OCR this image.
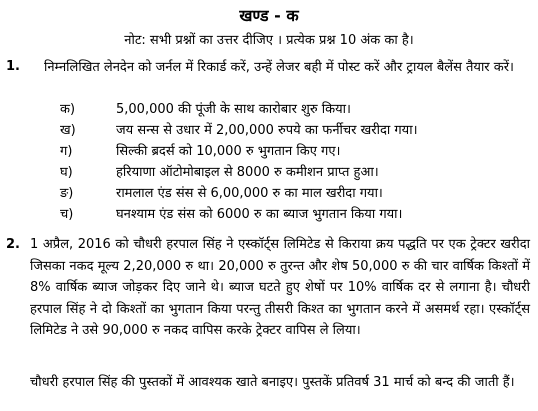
खण्ड - क
नोट: सभी प्रश्नों का उत्तर दीजिए । प्रत्येक प्रश्न 10 अंक का है।
1. निम्नलिखित लेनदेन को जर्नल में रिकार्ड करें, उन्हें लेजर बही में पोस्ट करें और ट्रायल बैलेंस तैयार करें।
क)	5,00,000 की पूंजी के साथ कारोबार शुरु किया।
ख)	जय सन्स से उधार में 2,00,000 रुपये का फर्नीचर खरीदा गया।
ग)	सिल्की ब्रदर्स को 10,000 रु भुगतान किए गए।
घ)	हरियाणा ऑटोमोबाइल से 8000 रु कमीशन प्राप्त हुआ।
ङ)	रामलाल एंड संस से 6,00,000 रु का माल खरीदा गया।
च)	घनश्याम एंड संस को 6000 रु का ब्याज भुगतान किया गया।
2. 1 अप्रैल, 2016 को चौधरी हरपाल सिंह ने एस्कॉर्ट्स लिमिटेड से किराया क्रय पद्धति पर एक ट्रेक्टर खरीदा जिसका नकद मूल्य 2,20,000 रु था। 20,000 रु तुरन्त और शेष 50,000 रु की चार वार्षिक किश्तों में 8% वार्षिक ब्याज जोड़कर दिए जाने थे। ब्याज घटते हुए शेषों पर 10% वार्षिक दर से लगाना है। चौधरी हरपाल सिंह ने दो किश्तों का भुगतान किया परन्तु तीसरी किश्त का भुगतान करने में असमर्थ रहा। एस्कॉर्ट्स लिमिटेड ने उसे 90,000 रु नकद वापिस करके ट्रेक्टर वापिस ले लिया।
चौधरी हरपाल सिंह की पुस्तकों में आवश्यक खाते बनाइए। पुस्तकें प्रतिवर्ष 31 मार्च को बन्द की जाती हैं।
